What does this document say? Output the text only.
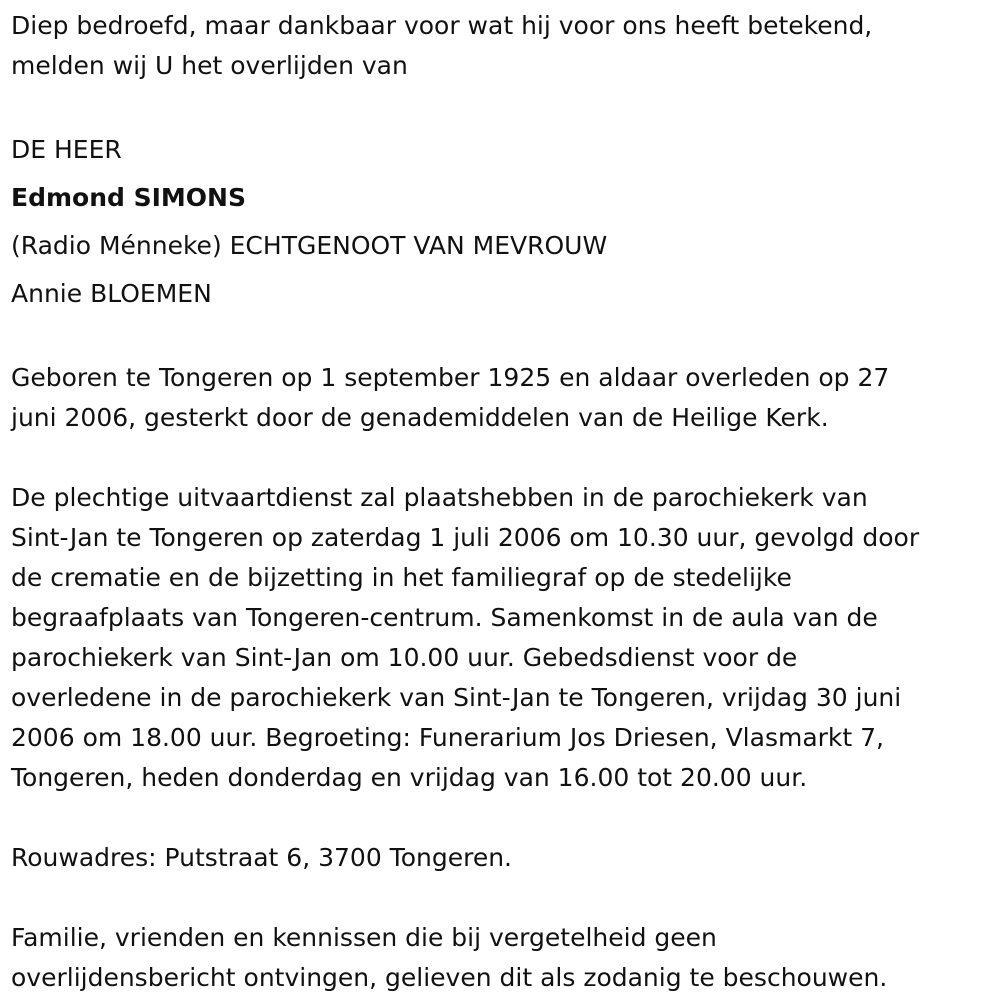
Diep bedroefd, maar dankbaar voor wat hij voor ons heeft betekend,
melden wij U het overlijden van
DE HEER
Edmond SIMONS
(Radio Ménneke) ECHTGENOOT VAN MEVROUW
Annie BLOEMEN
Geboren te Tongeren op 1 september 1925 en aldaar overleden op 27
juni 2006, gesterkt door de genademiddelen van de Heilige Kerk.
De plechtige uitvaartdienst zal plaatshebben in de parochiekerk van
Sint-Jan te Tongeren op zaterdag 1 juli 2006 om 10.30 uur, gevolgd door
de crematie en de bijzetting in het familiegraf op de stedelijke
begraafplaats van Tongeren-centrum. Samenkomst in de aula van de
parochiekerk van Sint-Jan om 10.00 uur. Gebedsdienst voor de
overledene in de parochiekerk van Sint-Jan te Tongeren, vrijdag 30 juni
2006 om 18.00 uur. Begroeting: Funerarium Jos Driesen, Vlasmarkt 7,
Tongeren, heden donderdag en vrijdag van 16.00 tot 20.00 uur.
Rouwadres: Putstraat 6, 3700 Tongeren.
Familie, vrienden en kennissen die bij vergetelheid geen
overlijdensbericht ontvingen, gelieven dit als zodanig te beschouwen.
